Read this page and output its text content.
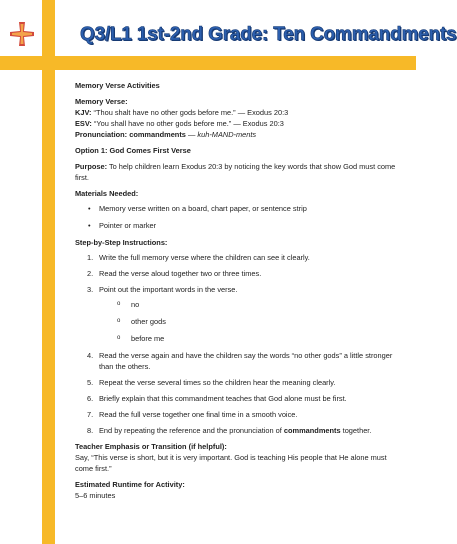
Q3/L1 1st-2nd Grade: Ten Commandments

Memory Verse Activities

Memory Verse:

KJV: “Thou shalt have no other gods before me.” — Exodus 20:3

ESV: “You shall have no other gods before me.” — Exodus 20:3

Pronunciation: commandments — kuh-MAND-ments

Option 1: God Comes First Verse

Purpose: To help children learn Exodus 20:3 by noticing the key words that show God must come first.

Materials Needed:

• Memory verse written on a board, chart paper, or sentence strip
• Pointer or marker

Step-by-Step Instructions:

1. Write the full memory verse where the children can see it clearly.
2. Read the verse aloud together two or three times.
3. Point out the important words in the verse.
o no
o other gods
o before me
4. Read the verse again and have the children say the words “no other gods” a little stronger than the others.
5. Repeat the verse several times so the children hear the meaning clearly.
6. Briefly explain that this commandment teaches that God alone must be first.
7. Read the full verse together one final time in a smooth voice.
8. End by repeating the reference and the pronunciation of commandments together.

Teacher Emphasis or Transition (if helpful):

Say, “This verse is short, but it is very important. God is teaching His people that He alone must come first.”

Estimated Runtime for Activity:

5–6 minutes
